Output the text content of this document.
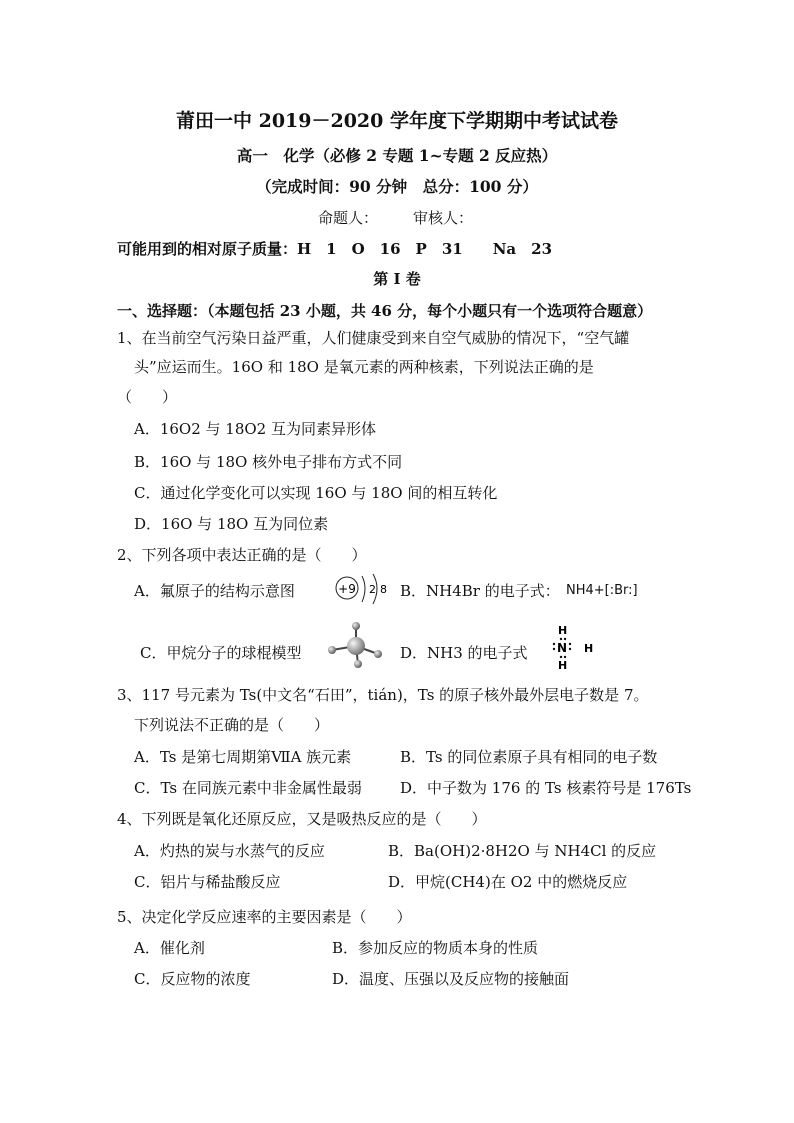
莆田一中 2019－2020 学年度下学期期中考试试卷
高一　化学（必修 2 专题 1~专题 2 反应热）
（完成时间：90 分钟　总分：100 分）
命题人： 审核人：
可能用到的相对原子质量：H　1　O　16　P　31　　Na　23
第 I 卷
一、选择题：（本题包括 23 小题，共 46 分，每个小题只有一个选项符合题意）
1、在当前空气污染日益严重，人们健康受到来自空气威胁的情况下，“空气罐
头”应运而生。16O 和 18O 是氧元素的两种核素，下列说法正确的是
（　　）
A．16O2 与 18O2 互为同素异形体
B．16O 与 18O 核外电子排布方式不同
C．通过化学变化可以实现 16O 与 18O 间的相互转化
D．16O 与 18O 互为同位素
2、下列各项中表达正确的是（　　）
A．氟原子的结构示意图	+9 2 8 B．NH4Br 的电子式： NH4+[:Br:]
C．甲烷分子的球棍模型	D．NH3 的电子式
H
N
H
H
3、117 号元素为 Ts(中文名“石田”，tián)，Ts 的原子核外最外层电子数是 7。
下列说法不正确的是（　　）
A．Ts 是第七周期第ⅦA 族元素	B．Ts 的同位素原子具有相同的电子数
C．Ts 在同族元素中非金属性最弱	D．中子数为 176 的 Ts 核素符号是 176Ts
4、下列既是氧化还原反应，又是吸热反应的是（　　）
A．灼热的炭与水蒸气的反应	B．Ba(OH)2·8H2O 与 NH4Cl 的反应
C．铝片与稀盐酸反应	D．甲烷(CH4)在 O2 中的燃烧反应
5、决定化学反应速率的主要因素是（　　）
A．催化剂	B．参加反应的物质本身的性质
C．反应物的浓度	D．温度、压强以及反应物的接触面
